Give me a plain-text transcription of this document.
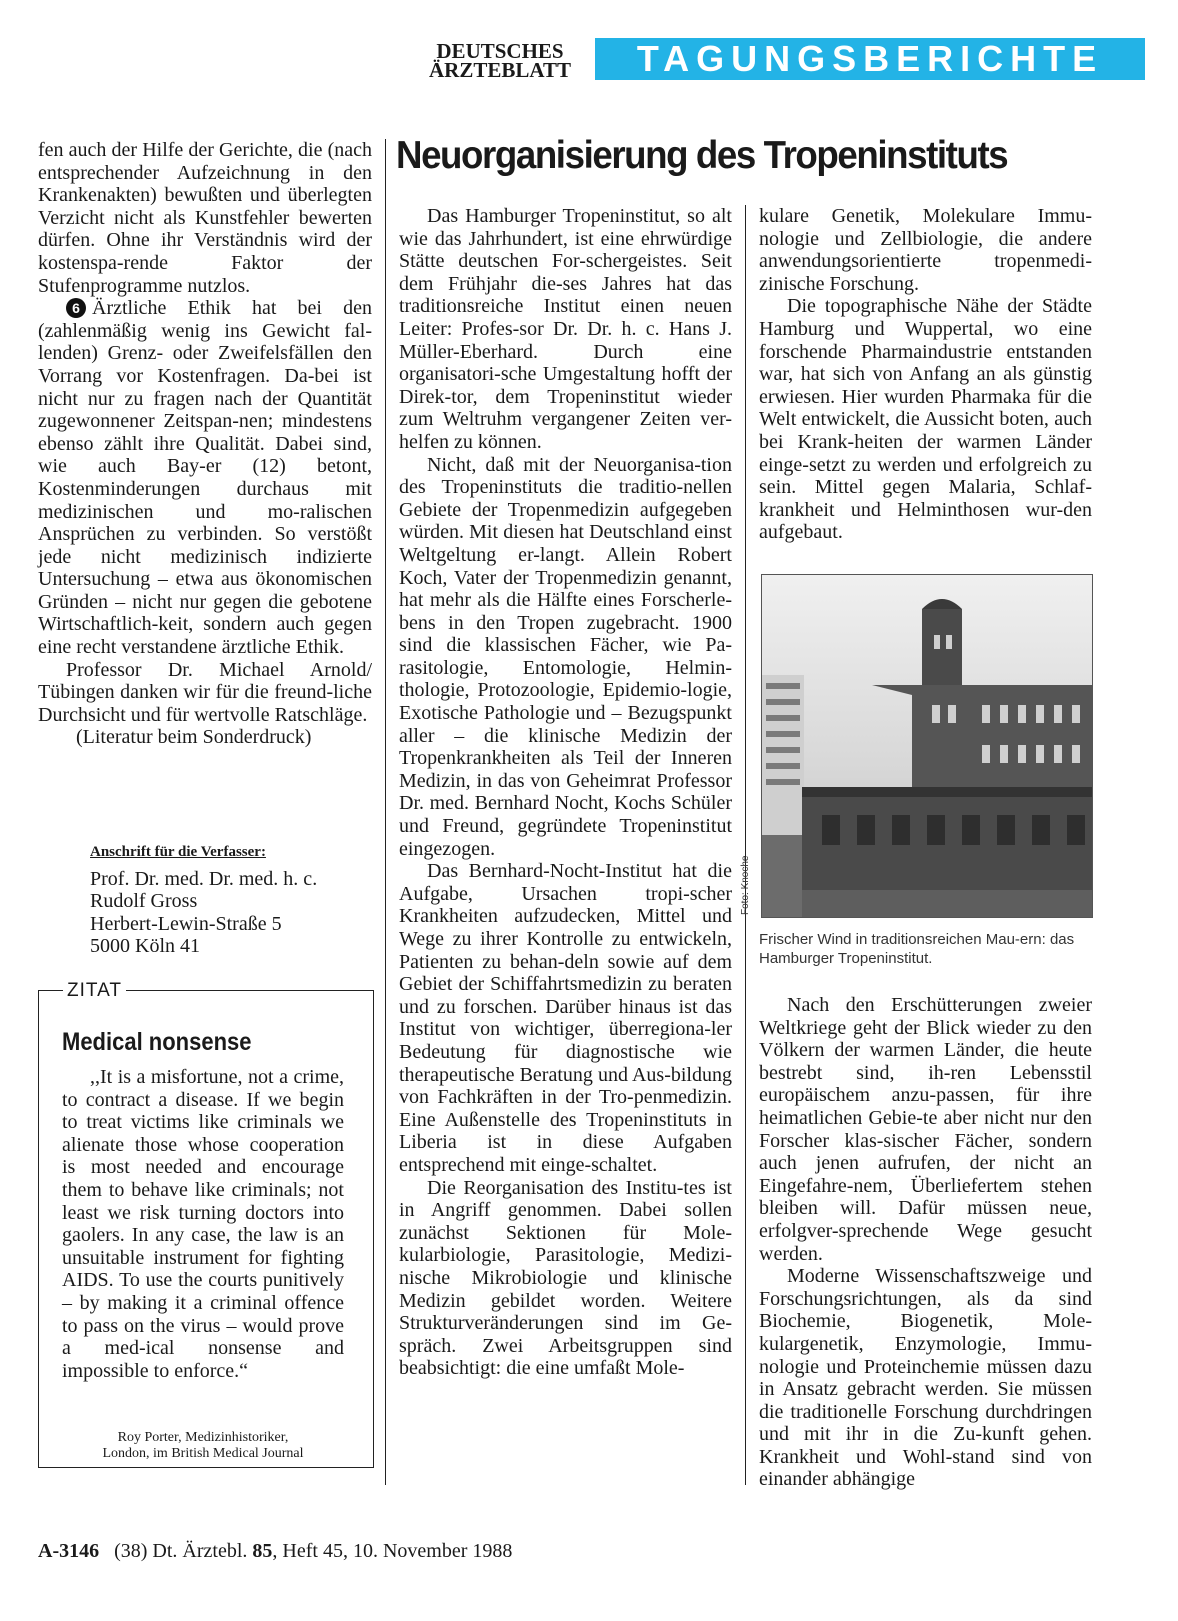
DEUTSCHES
ÄRZTEBLATT	TAGUNGSBERICHTE

fen auch der Hilfe der Gerichte, die (nach entsprechender Aufzeichnung in den Krankenakten) bewußten und überlegten Verzicht nicht als Kunstfehler bewerten dürfen. Ohne ihr Verständnis wird der kostenspa-rende Faktor der Stufenprogramme nutzlos.

6 Ärztliche Ethik hat bei den (zahlenmäßig wenig ins Gewicht fal-lenden) Grenz- oder Zweifelsfällen den Vorrang vor Kostenfragen. Da-bei ist nicht nur zu fragen nach der Quantität zugewonnener Zeitspan-nen; mindestens ebenso zählt ihre Qualität. Dabei sind, wie auch Bay-er (12) betont, Kostenminderungen durchaus mit medizinischen und mo-ralischen Ansprüchen zu verbinden. So verstößt jede nicht medizinisch indizierte Untersuchung – etwa aus ökonomischen Gründen – nicht nur gegen die gebotene Wirtschaftlich-keit, sondern auch gegen eine recht verstandene ärztliche Ethik.

Professor Dr. Michael Arnold/ Tübingen danken wir für die freund-liche Durchsicht und für wertvolle Ratschläge.

(Literatur beim Sonderdruck)

Anschrift für die Verfasser:
Prof. Dr. med. Dr. med. h. c.
Rudolf Gross
Herbert-Lewin-Straße 5
5000 Köln 41
ZITAT
Medical nonsense
,,It is a misfortune, not a crime, to contract a disease. If we begin to treat victims like criminals we alienate those whose cooperation is most needed and encourage them to behave like criminals; not least we risk turning doctors into gaolers. In any case, the law is an unsuitable instrument for fighting AIDS. To use the courts punitively – by making it a criminal offence to pass on the virus – would prove a med-ical nonsense and impossible to enforce.“
Roy Porter, Medizinhistoriker,
London, im British Medical Journal
Neuorganisierung des Tropeninstituts

Das Hamburger Tropeninstitut, so alt wie das Jahrhundert, ist eine ehrwürdige Stätte deutschen For-schergeistes. Seit dem Frühjahr die-ses Jahres hat das traditionsreiche Institut einen neuen Leiter: Profes-sor Dr. Dr. h. c. Hans J. Müller-Eberhard. Durch eine organisatori-sche Umgestaltung hofft der Direk-tor, dem Tropeninstitut wieder zum Weltruhm vergangener Zeiten ver-helfen zu können.

Nicht, daß mit der Neuorganisa-tion des Tropeninstituts die traditio-nellen Gebiete der Tropenmedizin aufgegeben würden. Mit diesen hat Deutschland einst Weltgeltung er-langt. Allein Robert Koch, Vater der Tropenmedizin genannt, hat mehr als die Hälfte eines Forscherle-bens in den Tropen zugebracht. 1900 sind die klassischen Fächer, wie Pa-rasitologie, Entomologie, Helmin-thologie, Protozoologie, Epidemio-logie, Exotische Pathologie und – Bezugspunkt aller – die klinische Medizin der Tropenkrankheiten als Teil der Inneren Medizin, in das von Geheimrat Professor Dr. med. Bernhard Nocht, Kochs Schüler und Freund, gegründete Tropeninstitut eingezogen.

Das Bernhard-Nocht-Institut hat die Aufgabe, Ursachen tropi-scher Krankheiten aufzudecken, Mittel und Wege zu ihrer Kontrolle zu entwickeln, Patienten zu behan-deln sowie auf dem Gebiet der Schiffahrtsmedizin zu beraten und zu forschen. Darüber hinaus ist das Institut von wichtiger, überregiona-ler Bedeutung für diagnostische wie therapeutische Beratung und Aus-bildung von Fachkräften in der Tro-penmedizin. Eine Außenstelle des Tropeninstituts in Liberia ist in diese Aufgaben entsprechend mit einge-schaltet.

Die Reorganisation des Institu-tes ist in Angriff genommen. Dabei sollen zunächst Sektionen für Mole-kularbiologie, Parasitologie, Medizi-nische Mikrobiologie und klinische Medizin gebildet worden. Weitere Strukturveränderungen sind im Ge-spräch. Zwei Arbeitsgruppen sind beabsichtigt: die eine umfaßt Mole-

kulare Genetik, Molekulare Immu-nologie und Zellbiologie, die andere anwendungsorientierte tropenmedi-zinische Forschung.

Die topographische Nähe der Städte Hamburg und Wuppertal, wo eine forschende Pharmaindustrie entstanden war, hat sich von Anfang an als günstig erwiesen. Hier wurden Pharmaka für die Welt entwickelt, die Aussicht boten, auch bei Krank-heiten der warmen Länder einge-setzt zu werden und erfolgreich zu sein. Mittel gegen Malaria, Schlaf-krankheit und Helminthosen wur-den aufgebaut.

Foto: Knoche
Frischer Wind in traditionsreichen Mau-ern: das Hamburger Tropeninstitut.

Nach den Erschütterungen zweier Weltkriege geht der Blick wieder zu den Völkern der warmen Länder, die heute bestrebt sind, ih-ren Lebensstil europäischem anzu-passen, für ihre heimatlichen Gebie-te aber nicht nur den Forscher klas-sischer Fächer, sondern auch jenen aufrufen, der nicht an Eingefahre-nem, Überliefertem stehen bleiben will. Dafür müssen neue, erfolgver-sprechende Wege gesucht werden.

Moderne Wissenschaftszweige und Forschungsrichtungen, als da sind Biochemie, Biogenetik, Mole-kulargenetik, Enzymologie, Immu-nologie und Proteinchemie müssen dazu in Ansatz gebracht werden. Sie müssen die traditionelle Forschung durchdringen und mit ihr in die Zu-kunft gehen. Krankheit und Wohl-stand sind von einander abhängige

A-3146 (38) Dt. Ärztebl. 85, Heft 45, 10. November 1988
